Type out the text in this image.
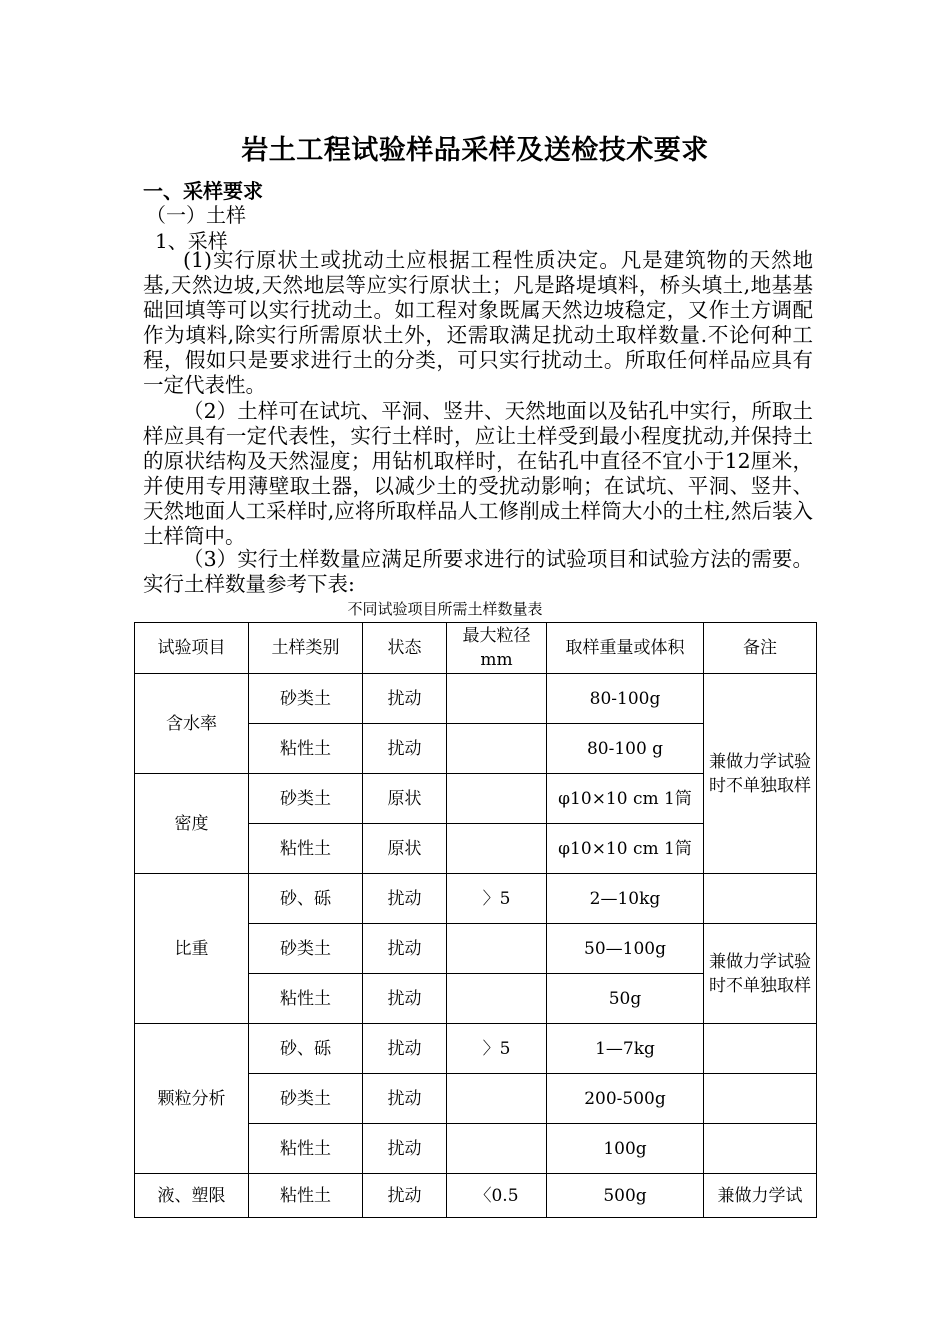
岩土工程试验样品采样及送检技术要求
一、采样要求
（一）土样
1、采样
(1)实行原状土或扰动土应根据工程性质决定。凡是建筑物的天然地基,天然边坡,天然地层等应实行原状土；凡是路堤填料，桥头填土,地基基础回填等可以实行扰动土。如工程对象既属天然边坡稳定，又作土方调配作为填料,除实行所需原状土外，还需取满足扰动土取样数量.不论何种工程，假如只是要求进行土的分类，可只实行扰动土。所取任何样品应具有一定代表性。
（2）土样可在试坑、平洞、竖井、天然地面以及钻孔中实行，所取土样应具有一定代表性，实行土样时，应让土样受到最小程度扰动,并保持土的原状结构及天然湿度；用钻机取样时，在钻孔中直径不宜小于12厘米，并使用专用薄壁取土器，以减少土的受扰动影响；在试坑、平洞、竖井、天然地面人工采样时,应将所取样品人工修削成土样筒大小的土柱,然后装入土样筒中。
（3）实行土样数量应满足所要求进行的试验项目和试验方法的需要。实行土样数量参考下表:
不同试验项目所需土样数量表
试验项目	土样类别	状态	最大粒径mm	取样重量或体积	备注
含水率	砂类土	扰动		80-100g	兼做力学试验时不单独取样
	粘性土	扰动		80-100 g	
密度	砂类土	原状		φ10×10 cm 1筒	
	粘性土	原状		φ10×10 cm 1筒	
比重	砂、砾	扰动	〉5	2—10kg	
	砂类土	扰动		50—100g	兼做力学试验时不单独取样
	粘性土	扰动		50g	
颗粒分析	砂、砾	扰动	〉5	1—7kg	
	砂类土	扰动		200-500g	
	粘性土	扰动		100g	
液、塑限	粘性土	扰动	〈0.5	500g	兼做力学试
